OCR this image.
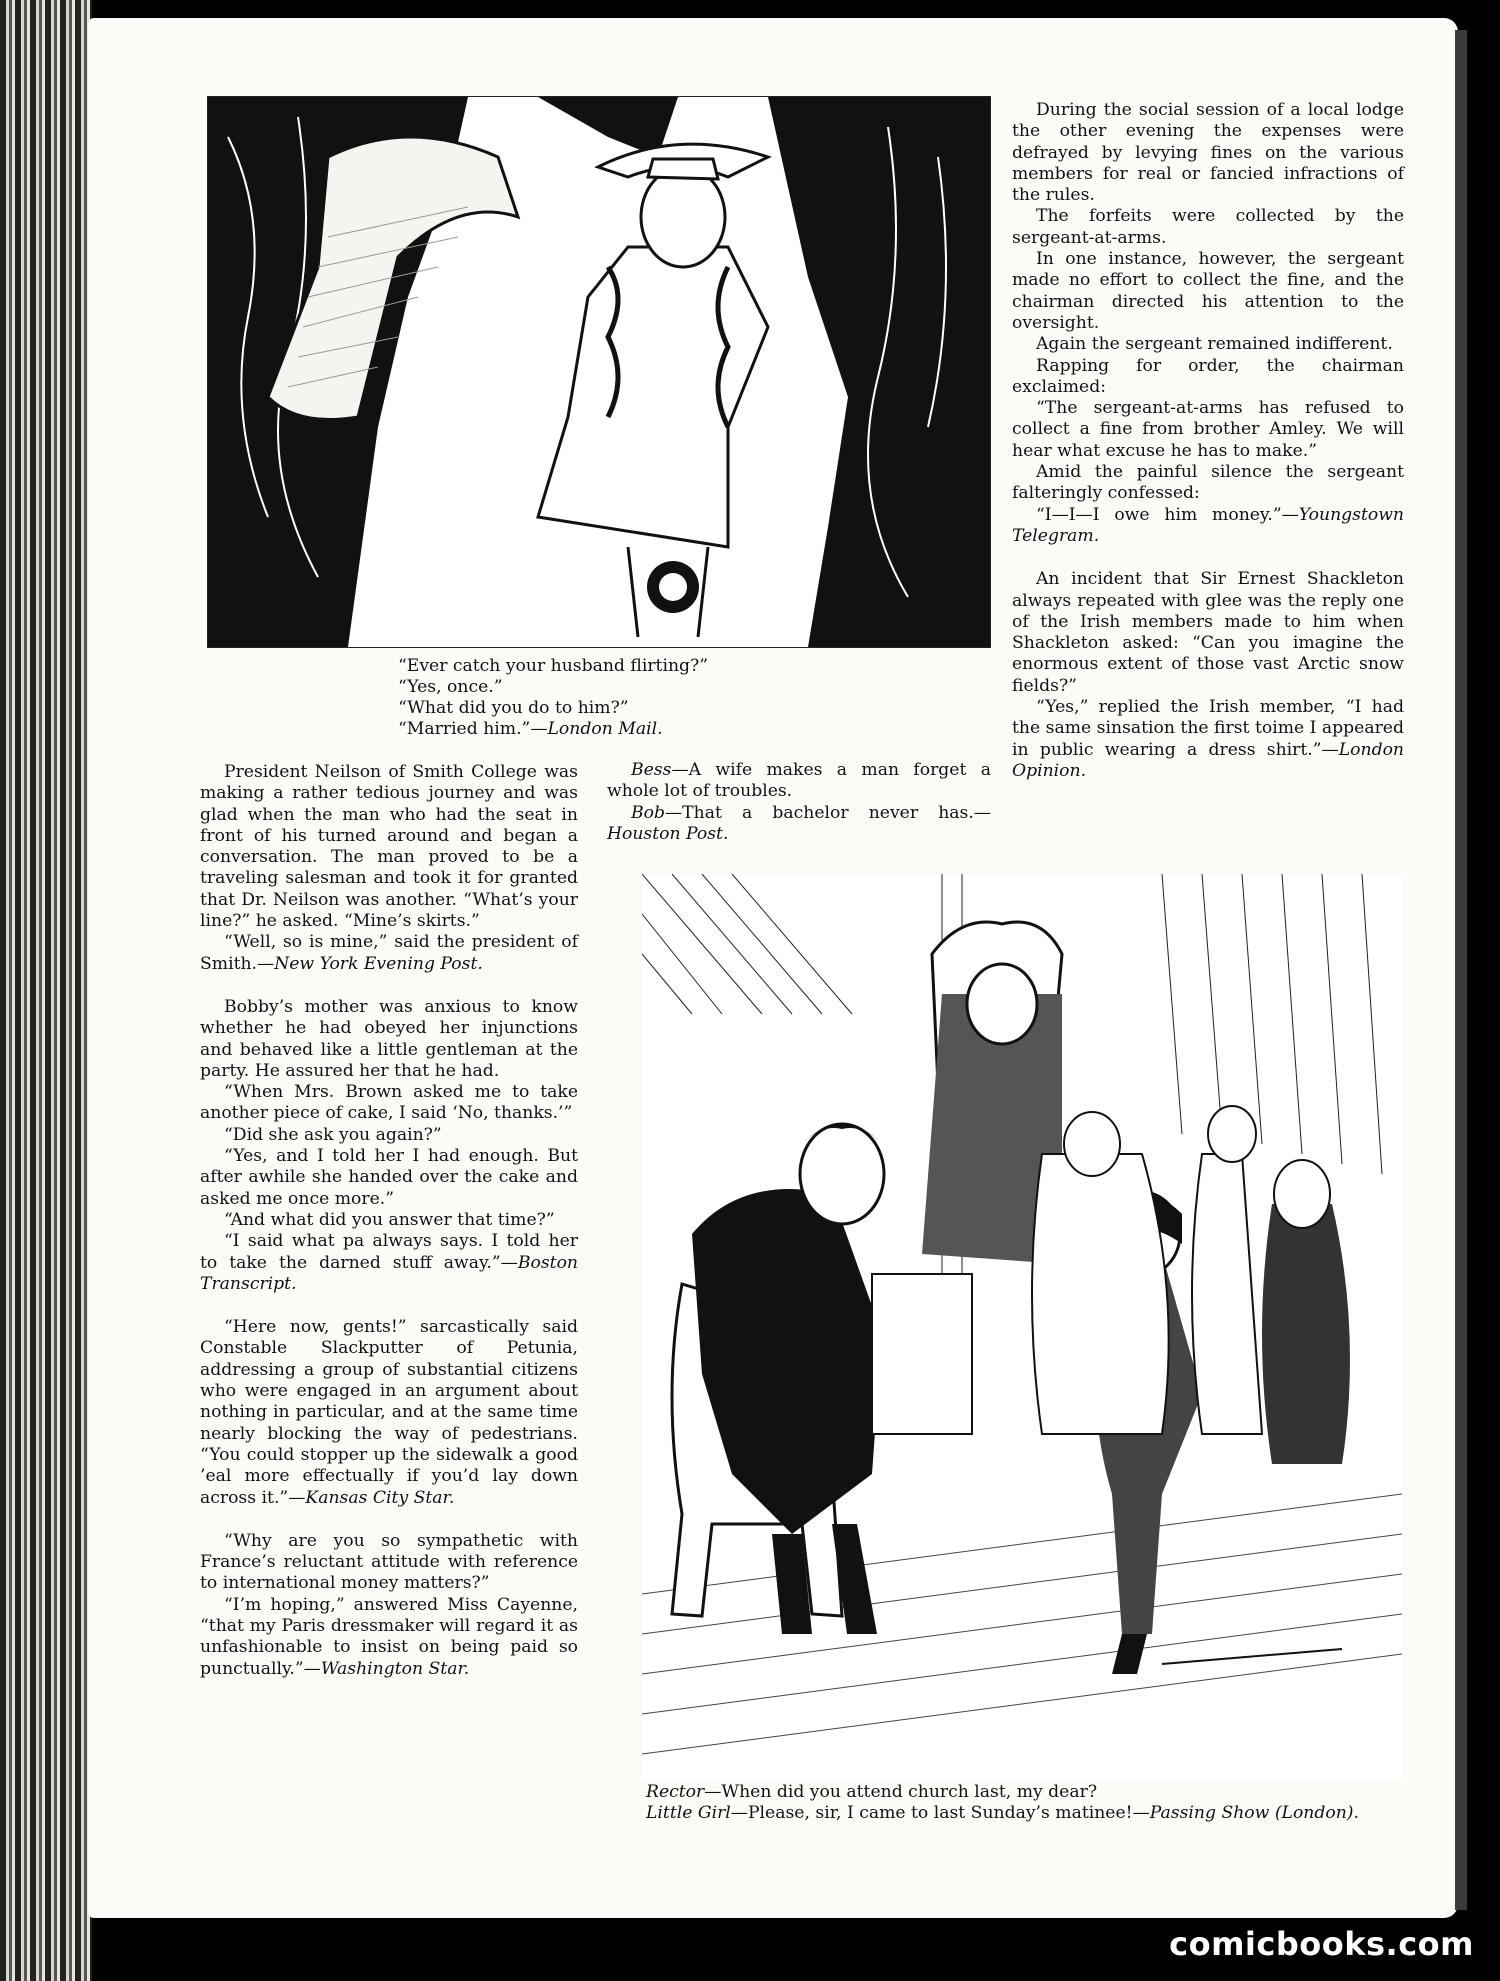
~

“Ever catch your husband flirting?”

“Yes, once.”

“What did you do to him?”

“Married him.”—London Mail.

During the social session of a local lodge the other evening the expenses were defrayed by levying fines on the various members for real or fancied infractions of the rules.

The forfeits were collected by the sergeant-at-arms.

In one instance, however, the sergeant made no effort to collect the fine, and the chairman directed his attention to the oversight.

Again the sergeant remained indifferent.

Rapping for order, the chairman exclaimed:

“The sergeant-at-arms has refused to collect a fine from brother Amley. We will hear what excuse he has to make.”

Amid the painful silence the sergeant falteringly confessed:

“I—I—I owe him money.”—Youngstown Telegram.

An incident that Sir Ernest Shackleton always repeated with glee was the reply one of the Irish members made to him when Shackleton asked: “Can you imagine the enormous extent of those vast Arctic snow fields?”

“Yes,” replied the Irish member, “I had the same sinsation the first toime I appeared in public wearing a dress shirt.”—London Opinion.

President Neilson of Smith College was making a rather tedious journey and was glad when the man who had the seat in front of his turned around and began a conversation. The man proved to be a traveling salesman and took it for granted that Dr. Neilson was another. “What’s your line?” he asked. “Mine’s skirts.”

“Well, so is mine,” said the president of Smith.—New York Evening Post.

Bobby’s mother was anxious to know whether he had obeyed her injunctions and behaved like a little gentleman at the party. He assured her that he had.

“When Mrs. Brown asked me to take another piece of cake, I said ‘No, thanks.’”

“Did she ask you again?”

“Yes, and I told her I had enough. But after awhile she handed over the cake and asked me once more.”

“And what did you answer that time?”

“I said what pa always says. I told her to take the darned stuff away.”—Boston Transcript.

“Here now, gents!” sarcastically said Constable Slackputter of Petunia, addressing a group of substantial citizens who were engaged in an argument about nothing in particular, and at the same time nearly blocking the way of pedestrians. “You could stopper up the sidewalk a good ’eal more effectually if you’d lay down across it.”—Kansas City Star.

“Why are you so sympathetic with France’s reluctant attitude with reference to international money matters?”

“I’m hoping,” answered Miss Cayenne, “that my Paris dressmaker will regard it as unfashionable to insist on being paid so punctually.”—Washington Star.

Bess—A wife makes a man forget a whole lot of troubles.

Bob—That a bachelor never has.—Houston Post.

Rector—When did you attend church last, my dear?

Little Girl—Please, sir, I came to last Sunday’s matinee!—Passing Show (London).

comicbooks.com
